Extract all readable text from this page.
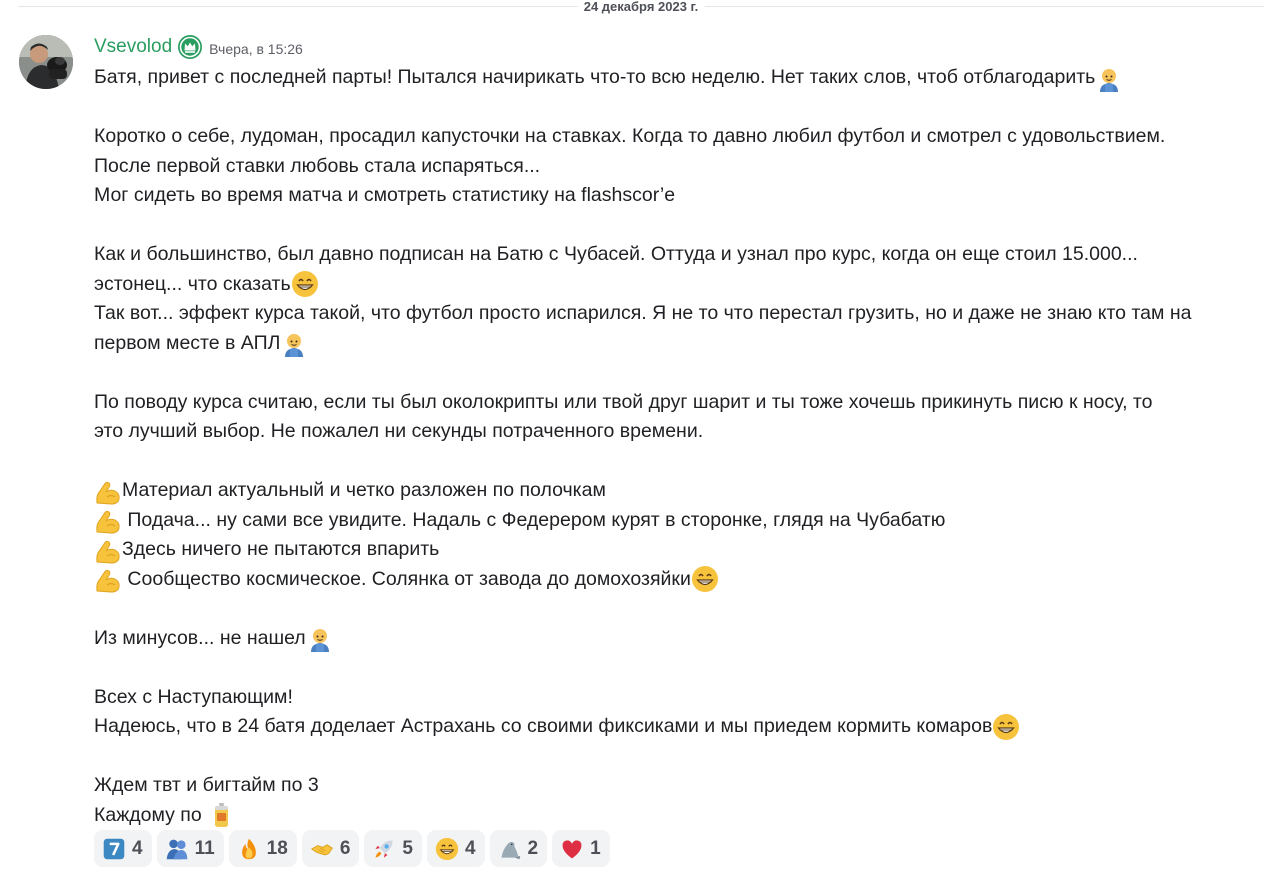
24 декабря 2023 г.
Vsevolod	Вчера, в 15:26
Батя, привет с последней парты! Пытался начирикать что-то всю неделю. Нет таких слов, чтоб отблагодарить
Коротко о себе, лудоман, просадил капусточки на ставках. Когда то давно любил футбол и смотрел с удовольствием.
После первой ставки любовь стала испаряться...
Мог сидеть во время матча и смотреть статистику на flashscor’e
Как и большинство, был давно подписан на Батю с Чубасей. Оттуда и узнал про курс, когда он еще стоил 15.000...
эстонец... что сказать
Так вот... эффект курса такой, что футбол просто испарился. Я не то что перестал грузить, но и даже не знаю кто там на
первом месте в АПЛ
По поводу курса считаю, если ты был околокрипты или твой друг шарит и ты тоже хочешь прикинуть писю к носу, то
это лучший выбор. Не пожалел ни секунды потраченного времени.
Материал актуальный и четко разложен по полочкам
Подача... ну сами все увидите. Надаль с Федерером курят в сторонке, глядя на Чубабатю
Здесь ничего не пытаются впарить
Сообщество космическое. Солянка от завода до домохозяйки
Из минусов... не нашел
Всех с Наступающим!
Надеюсь, что в 24 батя доделает Астрахань со своими фиксиками и мы приедем кормить комаров
Ждем твт и бигтайм по 3
Каждому по
4	11	18	6	5	4	2	1
